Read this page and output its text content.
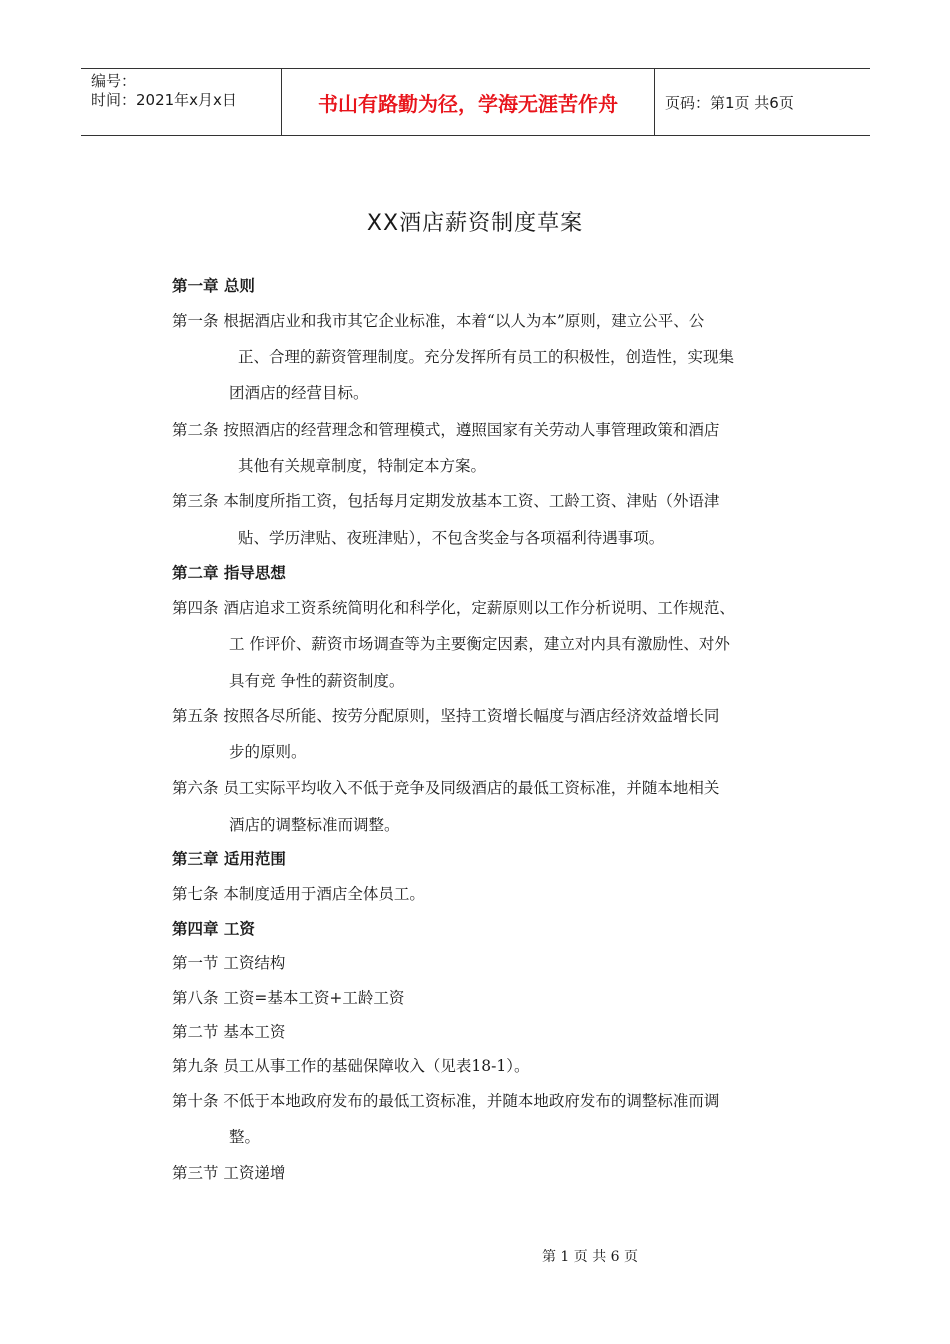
编号：
时间：2021年x月x日	书山有路勤为径，学海无涯苦作舟	页码：第1页 共6页
XX酒店薪资制度草案
第一章 总则
第一条 根据酒店业和我市其它企业标准，本着“以人为本”原则，建立公平、公
正、合理的薪资管理制度。充分发挥所有员工的积极性，创造性，实现集
团酒店的经营目标。
第二条 按照酒店的经营理念和管理模式，遵照国家有关劳动人事管理政策和酒店
其他有关规章制度，特制定本方案。
第三条 本制度所指工资，包括每月定期发放基本工资、工龄工资、津贴（外语津
贴、学历津贴、夜班津贴），不包含奖金与各项福利待遇事项。
第二章 指导思想
第四条 酒店追求工资系统简明化和科学化，定薪原则以工作分析说明、工作规范、
工 作评价、薪资市场调查等为主要衡定因素，建立对内具有激励性、对外
具有竞 争性的薪资制度。
第五条 按照各尽所能、按劳分配原则，坚持工资增长幅度与酒店经济效益增长同
步的原则。
第六条 员工实际平均收入不低于竞争及同级酒店的最低工资标准，并随本地相关
酒店的调整标准而调整。
第三章 适用范围
第七条 本制度适用于酒店全体员工。
第四章 工资
第一节 工资结构
第八条 工资=基本工资+工龄工资
第二节 基本工资
第九条 员工从事工作的基础保障收入（见表18-1）。
第十条 不低于本地政府发布的最低工资标准，并随本地政府发布的调整标准而调
整。
第三节 工资递增
第 1 页 共 6 页
